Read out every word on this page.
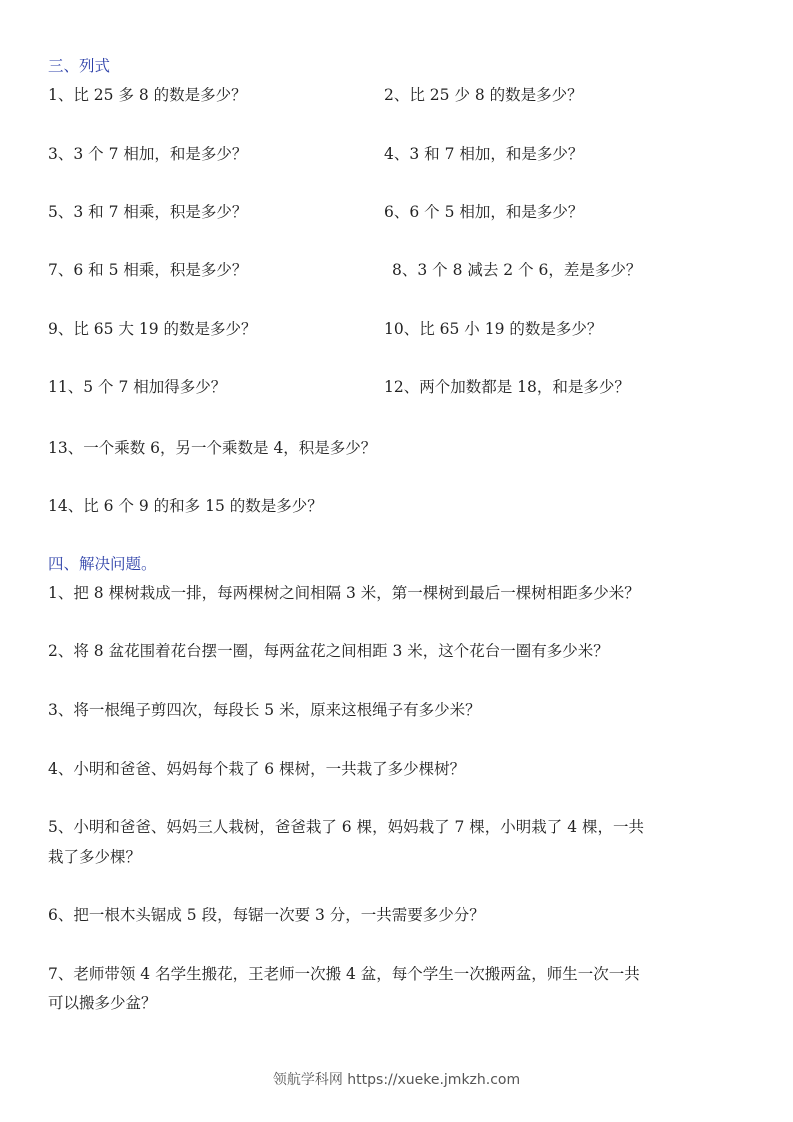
三、列式
1、比 25 多 8 的数是多少？	2、比 25 少 8 的数是多少？
3、3 个 7 相加，和是多少？	4、3 和 7 相加，和是多少？
5、3 和 7 相乘，积是多少？	6、6 个 5 相加，和是多少？
7、6 和 5 相乘，积是多少？	8、3 个 8 减去 2 个 6，差是多少？
9、比 65 大 19 的数是多少？	10、比 65 小 19 的数是多少？
11、5 个 7 相加得多少？	12、两个加数都是 18，和是多少？
13、一个乘数 6，另一个乘数是 4，积是多少？
14、比 6 个 9 的和多 15 的数是多少？
四、解决问题。
1、把 8 棵树栽成一排，每两棵树之间相隔 3 米，第一棵树到最后一棵树相距多少米？
2、将 8 盆花围着花台摆一圈，每两盆花之间相距 3 米，这个花台一圈有多少米？
3、将一根绳子剪四次，每段长 5 米，原来这根绳子有多少米？
4、小明和爸爸、妈妈每个栽了 6 棵树，一共栽了多少棵树？
5、小明和爸爸、妈妈三人栽树，爸爸栽了 6 棵，妈妈栽了 7 棵，小明栽了 4 棵，一共
栽了多少棵？
6、把一根木头锯成 5 段，每锯一次要 3 分，一共需要多少分？
7、老师带领 4 名学生搬花，王老师一次搬 4 盆，每个学生一次搬两盆，师生一次一共
可以搬多少盆？
领航学科网 https://xueke.jmkzh.com
